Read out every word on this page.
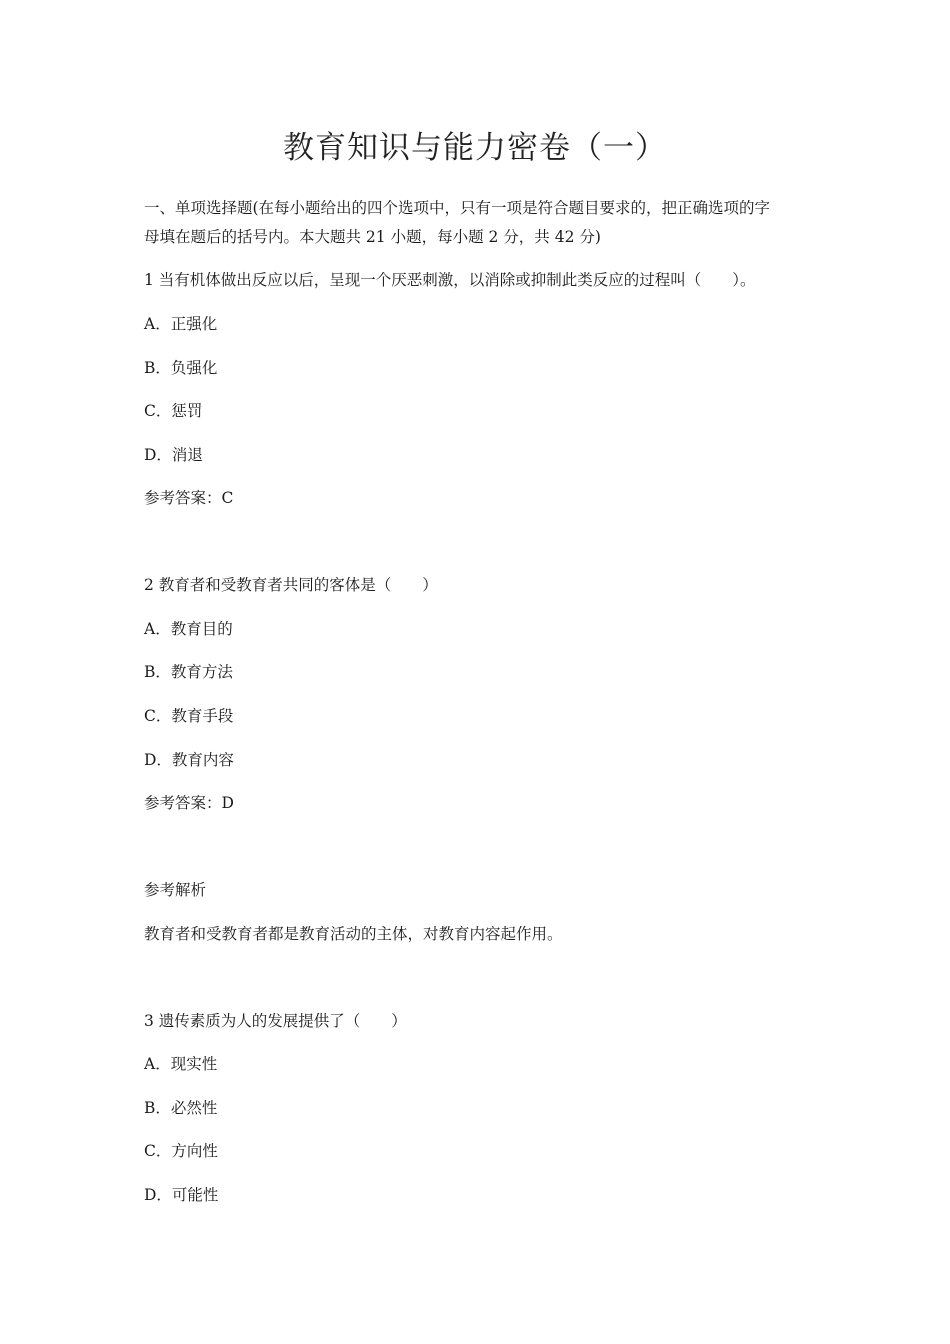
教育知识与能力密卷（一）
一、单项选择题(在每小题给出的四个选项中，只有一项是符合题目要求的，把正确选项的字
母填在题后的括号内。本大题共 21 小题，每小题 2 分，共 42 分)
1 当有机体做出反应以后，呈现一个厌恶刺激，以消除或抑制此类反应的过程叫（　　）。
A．正强化
B．负强化
C．惩罚
D．消退
参考答案：C
2 教育者和受教育者共同的客体是（　　）
A．教育目的
B．教育方法
C．教育手段
D．教育内容
参考答案：D
参考解析
教育者和受教育者都是教育活动的主体，对教育内容起作用。
3 遗传素质为人的发展提供了（　　）
A．现实性
B．必然性
C．方向性
D．可能性
